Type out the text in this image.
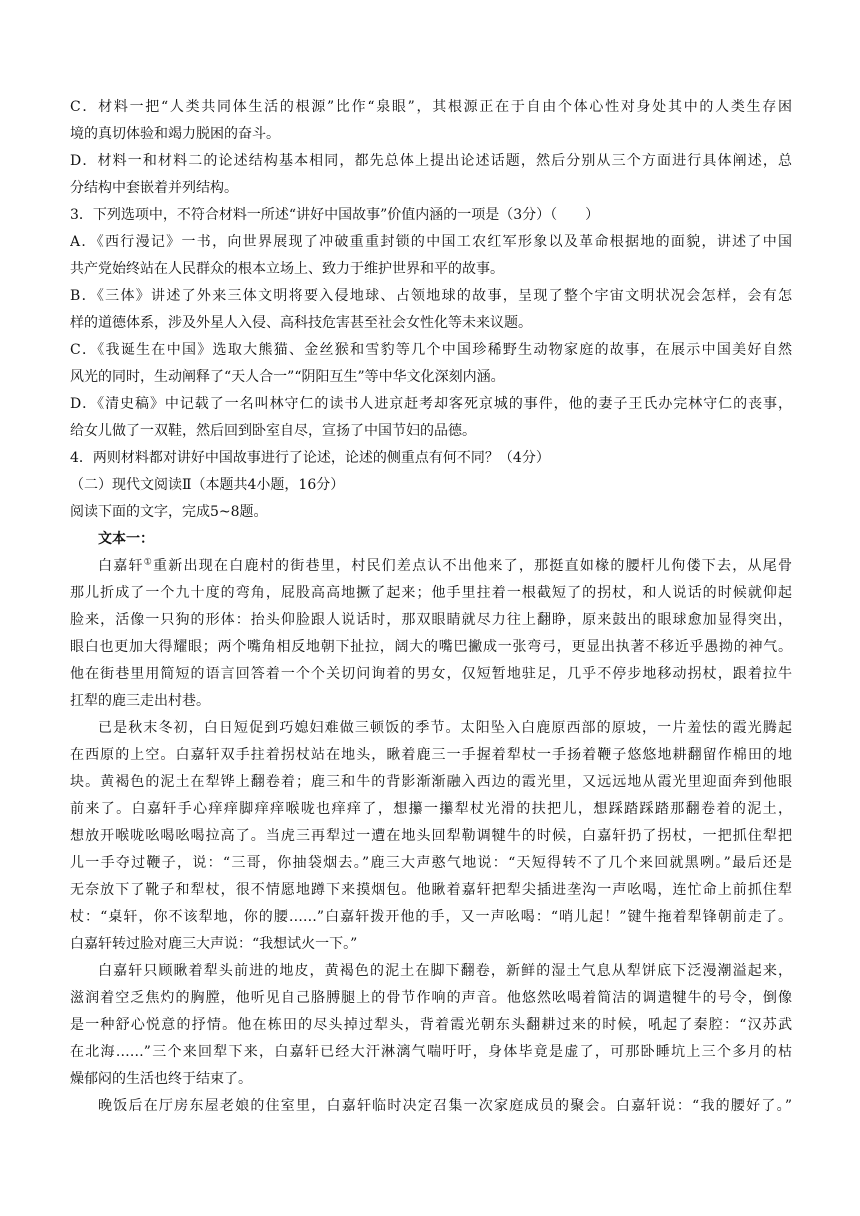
C．材料一把“人类共同体生活的根源”比作“泉眼”，其根源正在于自由个体心性对身处其中的人类生存困
境的真切体验和竭力脱困的奋斗。
D．材料一和材料二的论述结构基本相同，都先总体上提出论述话题，然后分别从三个方面进行具体阐述，总
分结构中套嵌着并列结构。
3．下列选项中，不符合材料一所述“讲好中国故事”价值内涵的一项是（3分）（　　）
A．《西行漫记》一书，向世界展现了冲破重重封锁的中国工农红军形象以及革命根据地的面貌，讲述了中国
共产党始终站在人民群众的根本立场上、致力于维护世界和平的故事。
B．《三体》讲述了外来三体文明将要入侵地球、占领地球的故事，呈现了整个宇宙文明状况会怎样，会有怎
样的道德体系，涉及外星人入侵、高科技危害甚至社会女性化等未来议题。
C．《我诞生在中国》选取大熊猫、金丝猴和雪豹等几个中国珍稀野生动物家庭的故事，在展示中国美好自然
风光的同时，生动阐释了“天人合一”“阴阳互生”等中华文化深刻内涵。
D．《清史稿》中记载了一名叫林守仁的读书人进京赶考却客死京城的事件，他的妻子王氏办完林守仁的丧事，
给女儿做了一双鞋，然后回到卧室自尽，宣扬了中国节妇的品德。
4．两则材料都对讲好中国故事进行了论述，论述的侧重点有何不同？（4分）
（二）现代文阅读Ⅱ（本题共4小题，16分）
阅读下面的文字，完成5~8题。
文本一：
白嘉轩①重新出现在白鹿村的街巷里，村民们差点认不出他来了，那挺直如椽的腰杆儿佝偻下去，从尾骨
那儿折成了一个九十度的弯角，屁股高高地撅了起来；他手里拄着一根截短了的拐杖，和人说话的时候就仰起
脸来，活像一只狗的形体：抬头仰脸跟人说话时，那双眼睛就尽力往上翻睁，原来鼓出的眼球愈加显得突出，
眼白也更加大得耀眼；两个嘴角相反地朝下扯拉，阔大的嘴巴撇成一张弯弓，更显出执著不移近乎愚拗的神气。
他在街巷里用简短的语言回答着一个个关切问询着的男女，仅短暂地驻足，几乎不停步地移动拐杖，跟着拉牛
扛犁的鹿三走出村巷。
已是秋末冬初，白日短促到巧媳妇难做三顿饭的季节。太阳坠入白鹿原西部的原坡，一片羞怯的霞光腾起
在西原的上空。白嘉轩双手拄着拐杖站在地头，瞅着鹿三一手握着犁杖一手扬着鞭子悠悠地耕翻留作棉田的地
块。黄褐色的泥土在犁铧上翻卷着；鹿三和牛的背影渐渐融入西边的霞光里，又远远地从霞光里迎面奔到他眼
前来了。白嘉轩手心痒痒脚痒痒喉咙也痒痒了，想攥一攥犁杖光滑的扶把儿，想踩踏踩踏那翻卷着的泥土，
想放开喉咙吆喝吆喝拉高了。当虎三再犁过一遭在地头回犁勒调犍牛的时候，白嘉轩扔了拐杖，一把抓住犁把
儿一手夺过鞭子，说：“三哥，你抽袋烟去。”鹿三大声憨气地说：“天短得转不了几个来回就黑咧。”最后还是
无奈放下了靴子和犁杖，很不情愿地蹲下来摸烟包。他瞅着嘉轩把犁尖插进垄沟一声吆喝，连忙命上前抓住犁
杖：“桌轩，你不该犁地，你的腰……”白嘉轩拨开他的手，又一声吆喝：“哨儿起！”键牛拖着犁锋朝前走了。
白嘉轩转过脸对鹿三大声说：“我想试火一下。”
白嘉轩只顾瞅着犁头前进的地皮，黄褐色的泥土在脚下翻卷，新鲜的湿土气息从犁饼底下泛漫潮溢起来，
滋润着空乏焦灼的胸膛，他听见自己胳膊腿上的骨节作响的声音。他悠然吆喝着简洁的调遣犍牛的号令，倒像
是一种舒心悦意的抒情。他在栋田的尽头掉过犁头，背着霞光朝东头翻耕过来的时候，吼起了秦腔：“汉苏武
在北海……”三个来回犁下来，白嘉轩已经大汗淋漓气喘吁吁，身体毕竟是虚了，可那卧睡坑上三个多月的枯
燥郁闷的生活也终于结束了。
晚饭后在厅房东屋老娘的住室里，白嘉轩临时决定召集一次家庭成员的聚会。白嘉轩说：“我的腰好了。”
